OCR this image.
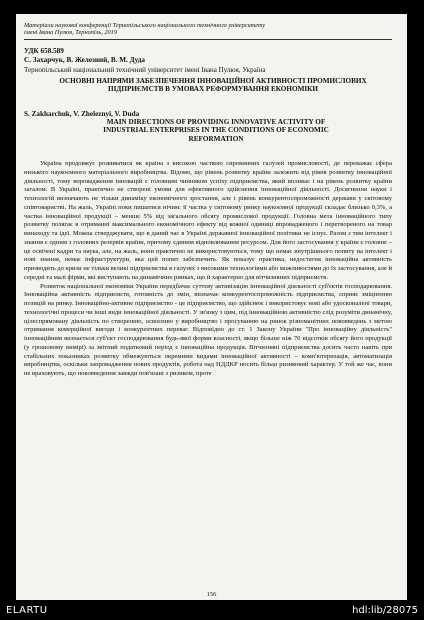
Матеріали наукової конференції Тернопільського національного технічного університету
імені Івана Пулюя, Тернопіль, 2019
УДК 658.589
С. Захарчук, В. Железний, В. М. Дуда
Тернопільський національний технічний університет імені Івана Пулюя, Україна
ОСНОВНІ НАПРЯМИ ЗАБЕЗПЕЧЕННЯ ІННОВАЦІЙНОЇ АКТИВНОСТІ ПРОМИСЛОВИХ ПІДПРИЄМСТВ В УМОВАХ РЕФОРМУВАННЯ ЕКОНОМІКИ
S. Zakharchuk, V. Zheleznyi, V. Duda
MAIN DIRECTIONS OF PROVIDING INNOVATIVE ACTIVITY OF INDUSTRIAL ENTERPRISES IN THE CONDITIONS OF ECONOMIC REFORMATION

Україна продовжує розвиватися як країна з високою часткою сировинних галузей промисловості, де переважає сфера низького наукоємного матеріального виробництва. Відомо, що рівень розвитку країни залежить від рівня розвитку інноваційної діяльності, тому впровадження інновацій є головним чинником успіху підприємства, який впливає і на рівень розвитку країни загалом. В Україні, практично не створені умови для ефективного здійснення інноваційної діяльності. Досягнення науки і технологій визначають не тільки динаміку економічного зростання, але і рівень конкурентоспроможності держави у світовому співтоваристві. На жаль, Україні поки пишатися нічим: її частка у світовому ринку наукоємної продукції складає близько 0,3%, а частка інноваційної продукції – менше 5% від загального обсягу промислової продукції. Головна мета інноваційного типу розвитку полягає в отриманні максимального економічного ефекту від кожної одиниці впровадженого і перетвореного на товар винаходу та ідеї. Можна стверджувати, що в даний час в Україні державної інноваційної політики не існує. Разом з тим інтелект і знання є одним з головних резервів країни, причому єдиним відновлюваним ресурсом. Для його застосування у країни є головне – це освічені кадри та наука, але, на жаль, вони практично не використовуються, тому що немає внутрішнього попиту на інтелект і нові знання, немає інфраструктури, яка цей попит забезпечить. Як показує практика, недостатня інноваційна активність призводить до кризи не тільки великі підприємства в галузях з високими технологіями або можливостями до їх застосування, але й середні та малі фірми, які виступають на динамічних ринках, що й характерно для вітчизняних підприємств.

Розвиток національної економіки України передбачає суттєву активізацію інноваційної діяльності суб'єктів господарювання. Інноваційна активність підприємств, готовність до змін, визначає конкурентоспроможність підприємства, сприяє зміцненню позицій на ринку. Інноваційно-активне підприємство - це підприємство, що здійснює і використовує нові або удосконалені товари, технологічні процеси чи інші види інноваційної діяльності. У зв'язку з цим, під інноваційною активністю слід розуміти динамічну, цілеспрямовану діяльність по створенню, освоєнню у виробництво і просуванню на ринок різноманітних нововведень з метою отримання комерційної вигоди і конкурентних переваг. Відповідно до ст. 1 Закону України "Про інноваційну діяльність" інноваційним визнається суб'єкт господарювання будь-якої форми власності, якщо більше ніж 70 відсотків обсягу його продукції (у грошовому вимірі) за звітний податковий період є інноваційна продукція. Вітчизняні підприємства досить часто навіть при стабільних показниках розвитку обмежуються окремими видами інноваційної активності – комп'ютеризація, автоматизація виробництва, оскільки запровадження нових продуктів, робота над НДДКР носить більш ризиковий характер. У той же час, вони не враховують, що нововведення завжди пов'язані з ризиком, проте

156
ELARTU	hdl:lib/28075
